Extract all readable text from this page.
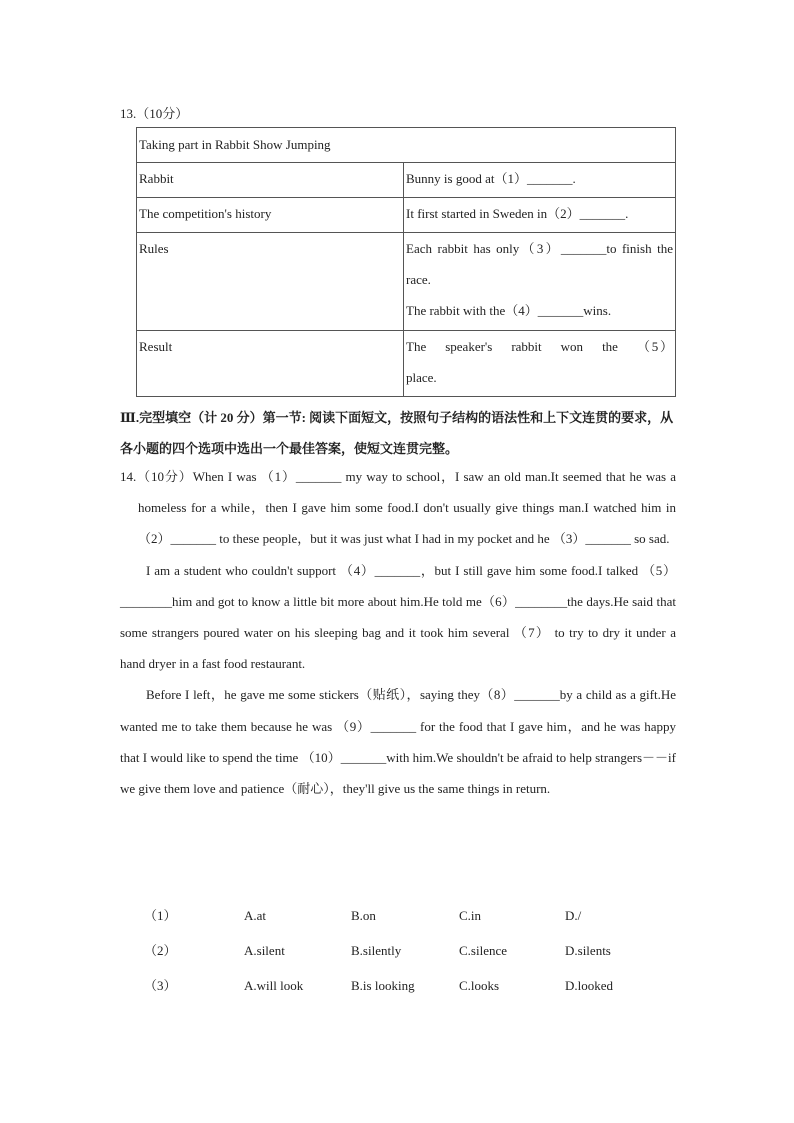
13.（10分）
Taking part in Rabbit Show Jumping	
Rabbit	Bunny is good at（1）_______.
The competition's history	It first started in Sweden in（2）_______.
Rules	Each rabbit has only（3）_______to finish the race.
The rabbit with the（4）_______wins.

Result	The speaker's rabbit won the （5） place.
Ⅲ.完型填空（计 20 分）第一节: 阅读下面短文，按照句子结构的语法性和上下文连贯的要求，从各小题的四个选项中选出一个最佳答案，使短文连贯完整。

14.（10分）When I was （1）_______ my way to school，I saw an old man.It seemed that he was a homeless for a while，then I gave him some food.I don't usually give things man.I watched him in （2）_______ to these people，but it was just what I had in my pocket and he （3）_______ so sad.

I am a student who couldn't support （4）_______，but I still gave him some food.I talked （5）________him and got to know a little bit more about him.He told me（6）________the days.He said that some strangers poured water on his sleeping bag and it took him several （7） to try to dry it under a hand dryer in a fast food restaurant.

Before I left，he gave me some stickers（贴纸），saying they（8）_______by a child as a gift.He wanted me to take them because he was （9）_______ for the food that I gave him，and he was happy that I would like to spend the time （10）_______with him.We shouldn't be afraid to help strangers－－if we give them love and patience（耐心），they'll give us the same things in return.

（1）	A.at	B.on	C.in	D./
（2）	A.silent	B.silently	C.silence	D.silents
（3）	A.will look	B.is looking	C.looks	D.looked
